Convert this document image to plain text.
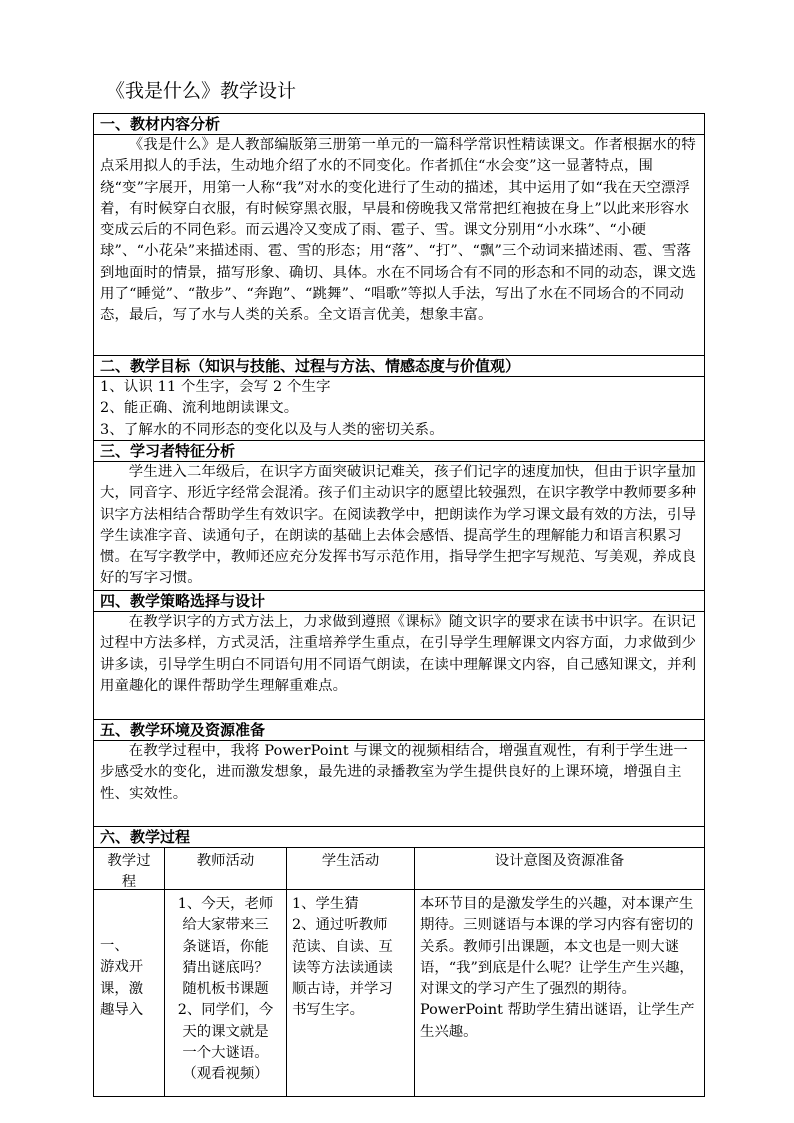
《我是什么》教学设计
一、教材内容分析
《我是什么》是人教部编版第三册第一单元的一篇科学常识性精读课文。作者根据水的特点采用拟人的手法，生动地介绍了水的不同变化。作者抓住“水会变”这一显著特点，围绕“变”字展开，用第一人称“我”对水的变化进行了生动的描述，其中运用了如“我在天空漂浮着，有时候穿白衣服，有时候穿黑衣服，早晨和傍晚我又常常把红袍披在身上”以此来形容水变成云后的不同色彩。而云遇冷又变成了雨、雹子、雪。课文分别用“小水珠”、“小硬球”、“小花朵”来描述雨、雹、雪的形态；用“落”、“打”、“飘”三个动词来描述雨、雹、雪落到地面时的情景，描写形象、确切、具体。水在不同场合有不同的形态和不同的动态，课文选用了“睡觉”、“散步”、“奔跑”、“跳舞”、“唱歌”等拟人手法，写出了水在不同场合的不同动态，最后，写了水与人类的关系。全文语言优美，想象丰富。
二、教学目标（知识与技能、过程与方法、情感态度与价值观）
1、认识 11 个生字，会写 2 个生字
2、能正确、流利地朗读课文。
3、了解水的不同形态的变化以及与人类的密切关系。
三、学习者特征分析
学生进入二年级后，在识字方面突破识记难关，孩子们记字的速度加快，但由于识字量加大，同音字、形近字经常会混淆。孩子们主动识字的愿望比较强烈，在识字教学中教师要多种识字方法相结合帮助学生有效识字。在阅读教学中，把朗读作为学习课文最有效的方法，引导学生读准字音、读通句子，在朗读的基础上去体会感悟、提高学生的理解能力和语言积累习惯。在写字教学中，教师还应充分发挥书写示范作用，指导学生把字写规范、写美观，养成良好的写字习惯。
四、教学策略选择与设计
在教学识字的方式方法上，力求做到遵照《课标》随文识字的要求在读书中识字。在识记过程中方法多样，方式灵活，注重培养学生重点，在引导学生理解课文内容方面，力求做到少讲多读，引导学生明白不同语句用不同语气朗读，在读中理解课文内容，自己感知课文，并利用童趣化的课件帮助学生理解重难点。
五、教学环境及资源准备
在教学过程中，我将 PowerPoint 与课文的视频相结合，增强直观性，有利于学生进一步感受水的变化，进而激发想象，最先进的录播教室为学生提供良好的上课环境，增强自主性、实效性。
六、教学过程
教学过
程
一、
游戏开
课，激
趣导入
教师活动
1、今天，老师
给大家带来三
条谜语，你能
猜出谜底吗？
随机板书课题
2、同学们，今
天的课文就是
一个大谜语。
（观看视频）
学生活动
1、学生猜
2、通过听教师
范读、自读、互
读等方法读通读
顺古诗，并学习
书写生字。
设计意图及资源准备
本环节目的是激发学生的兴趣，对本课产生期待。三则谜语与本课的学习内容有密切的关系。教师引出课题，本文也是一则大谜语，“我”到底是什么呢？让学生产生兴趣，对课文的学习产生了强烈的期待。
PowerPoint 帮助学生猜出谜语，让学生产生兴趣。
